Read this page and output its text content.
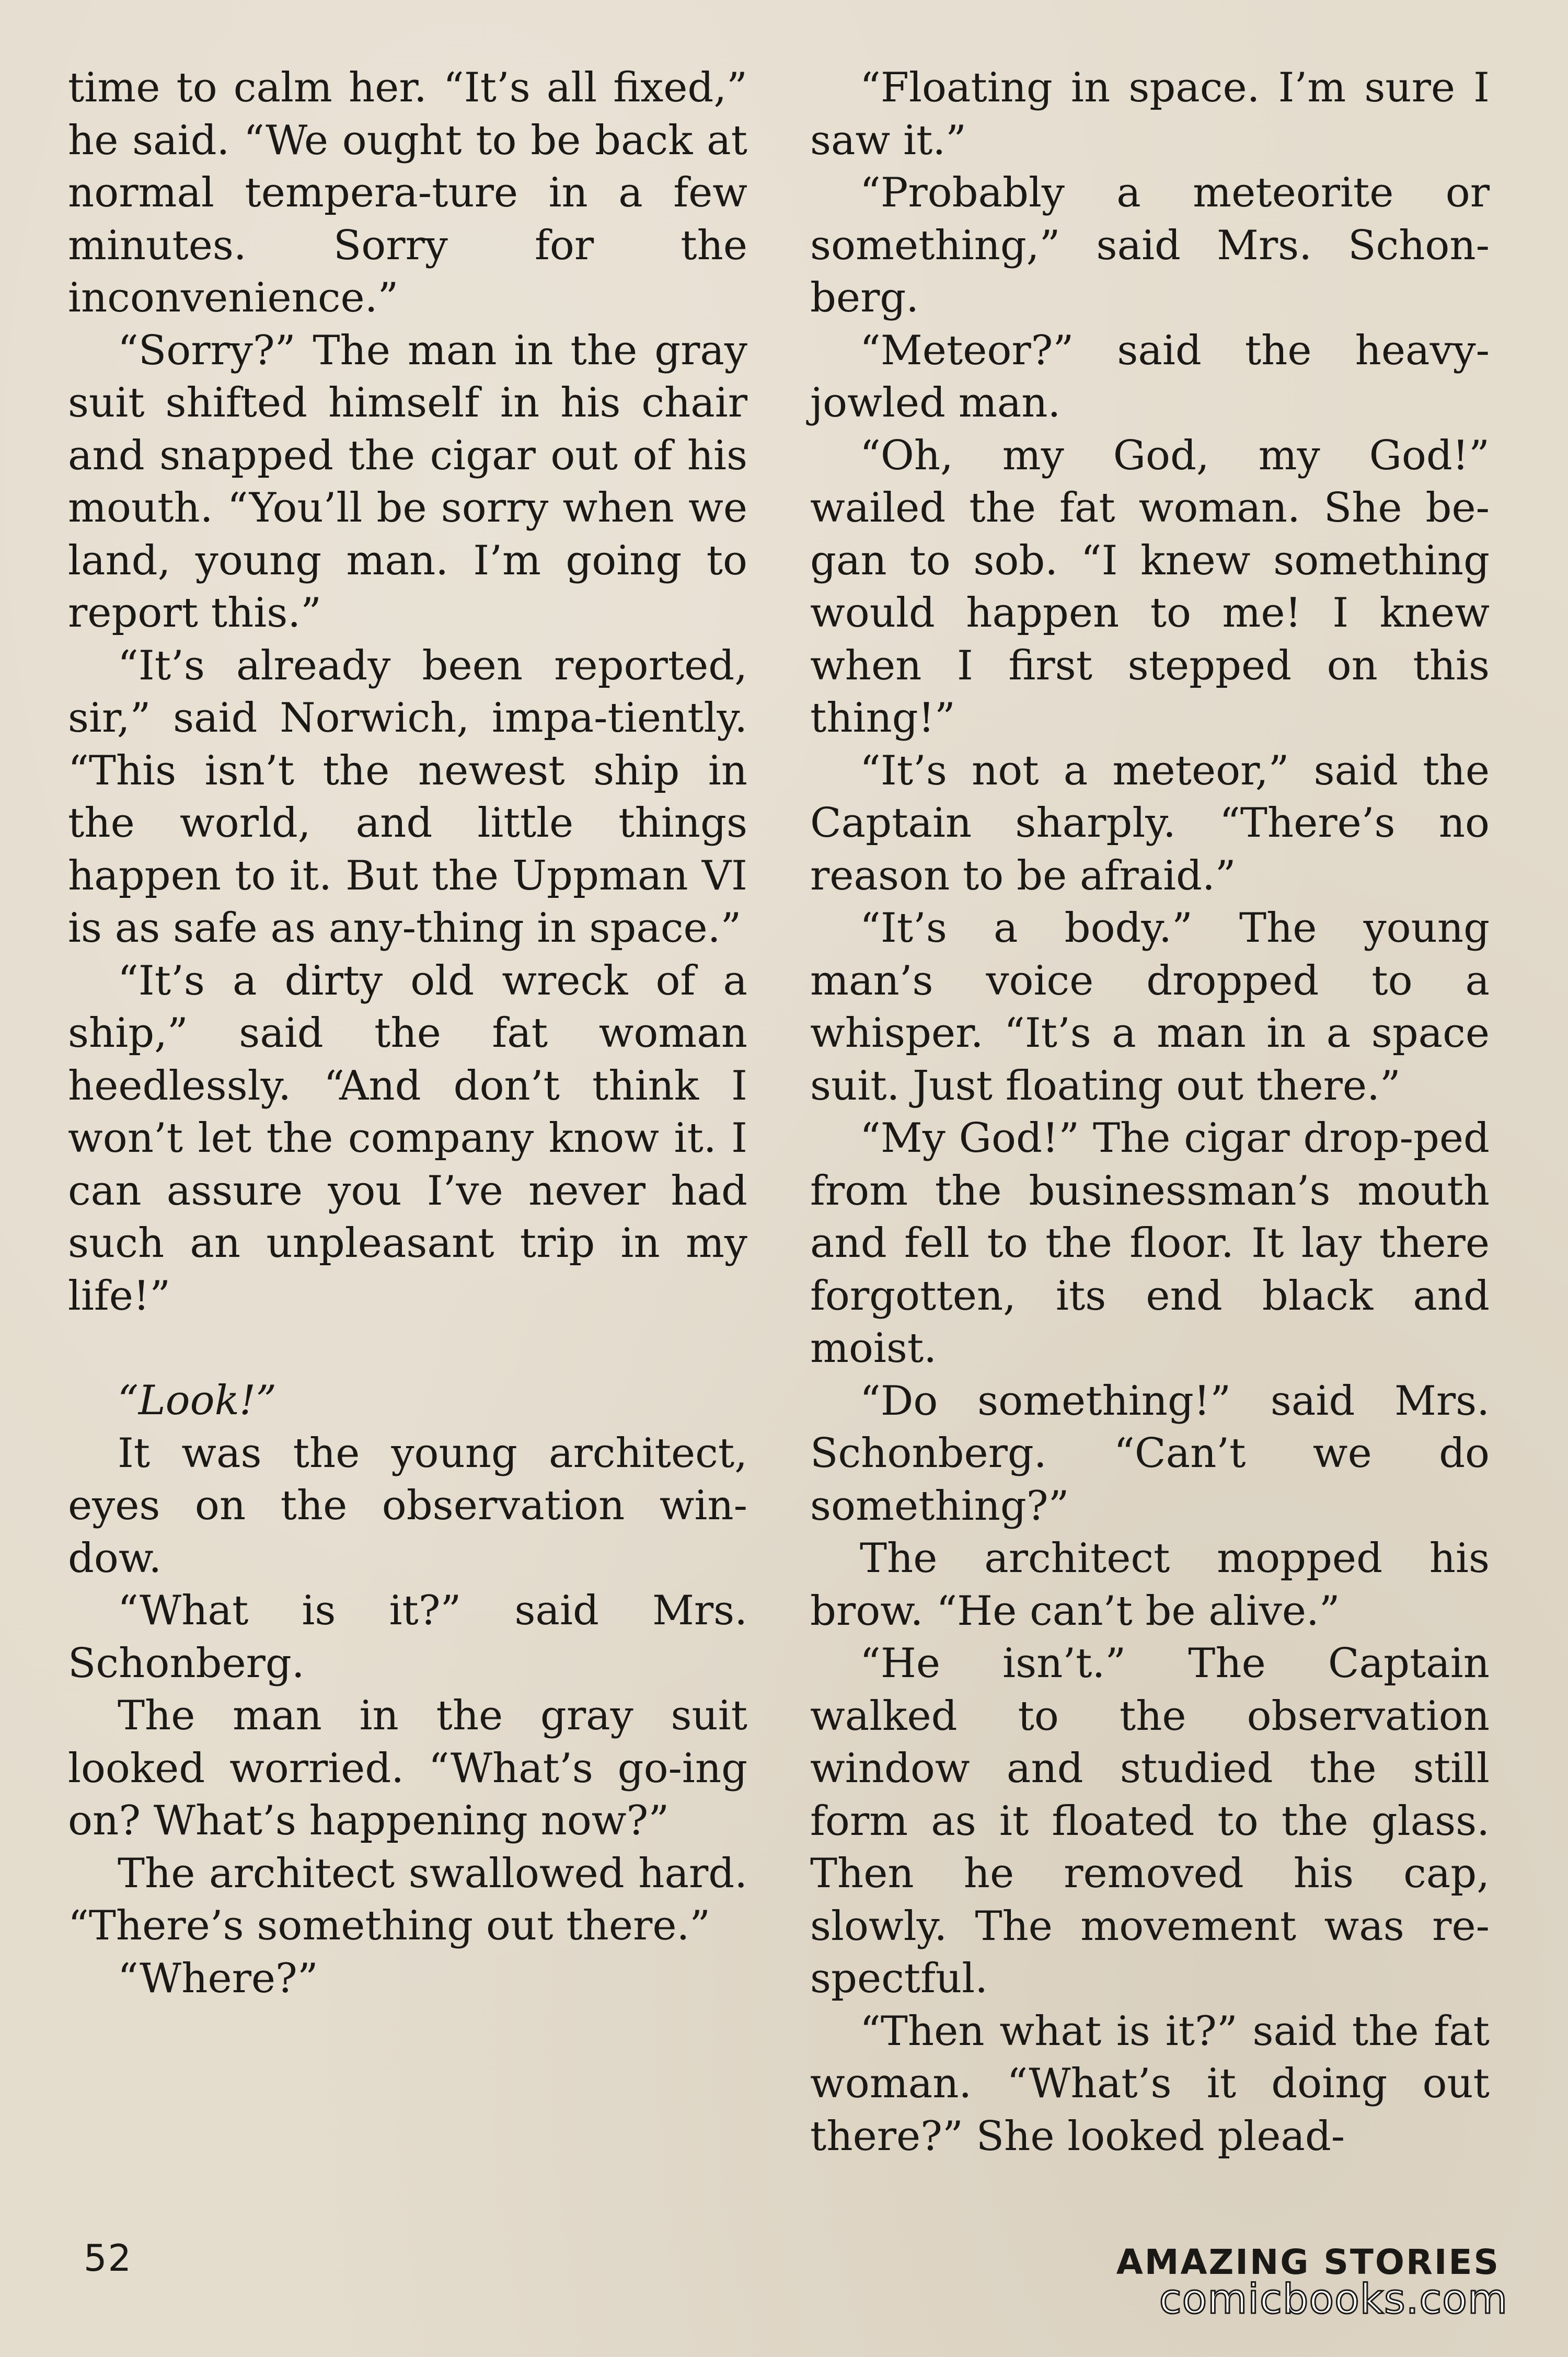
time to calm her. “It’s all fixed,” he said. “We ought to be back at normal tempera-ture in a few minutes. Sorry for the inconvenience.”

“Sorry?” The man in the gray suit shifted himself in his chair and snapped the cigar out of his mouth. “You’ll be sorry when we land, young man. I’m going to report this.”

“It’s already been reported, sir,” said Norwich, impa-tiently. “This isn’t the newest ship in the world, and little things happen to it. But the Uppman VI is as safe as any-thing in space.”

“It’s a dirty old wreck of a ship,” said the fat woman heedlessly. “And don’t think I won’t let the company know it. I can assure you I’ve never had such an unpleasant trip in my life!”

“Look!”

It was the young architect, eyes on the observation win-dow.

“What is it?” said Mrs. Schonberg.

The man in the gray suit looked worried. “What’s go-ing on? What’s happening now?”

The architect swallowed hard. “There’s something out there.”

“Where?”

“Floating in space. I’m sure I saw it.”

“Probably a meteorite or something,” said Mrs. Schon-berg.

“Meteor?” said the heavy-jowled man.

“Oh, my God, my God!” wailed the fat woman. She be-gan to sob. “I knew something would happen to me! I knew when I first stepped on this thing!”

“It’s not a meteor,” said the Captain sharply. “There’s no reason to be afraid.”

“It’s a body.” The young man’s voice dropped to a whisper. “It’s a man in a space suit. Just floating out there.”

“My God!” The cigar drop-ped from the businessman’s mouth and fell to the floor. It lay there forgotten, its end black and moist.

“Do something!” said Mrs. Schonberg. “Can’t we do something?”

The architect mopped his brow. “He can’t be alive.”

“He isn’t.” The Captain walked to the observation window and studied the still form as it floated to the glass. Then he removed his cap, slowly. The movement was re-spectful.

“Then what is it?” said the fat woman. “What’s it doing out there?” She looked plead-

52	AMAZING STORIES
comicbooks.com
